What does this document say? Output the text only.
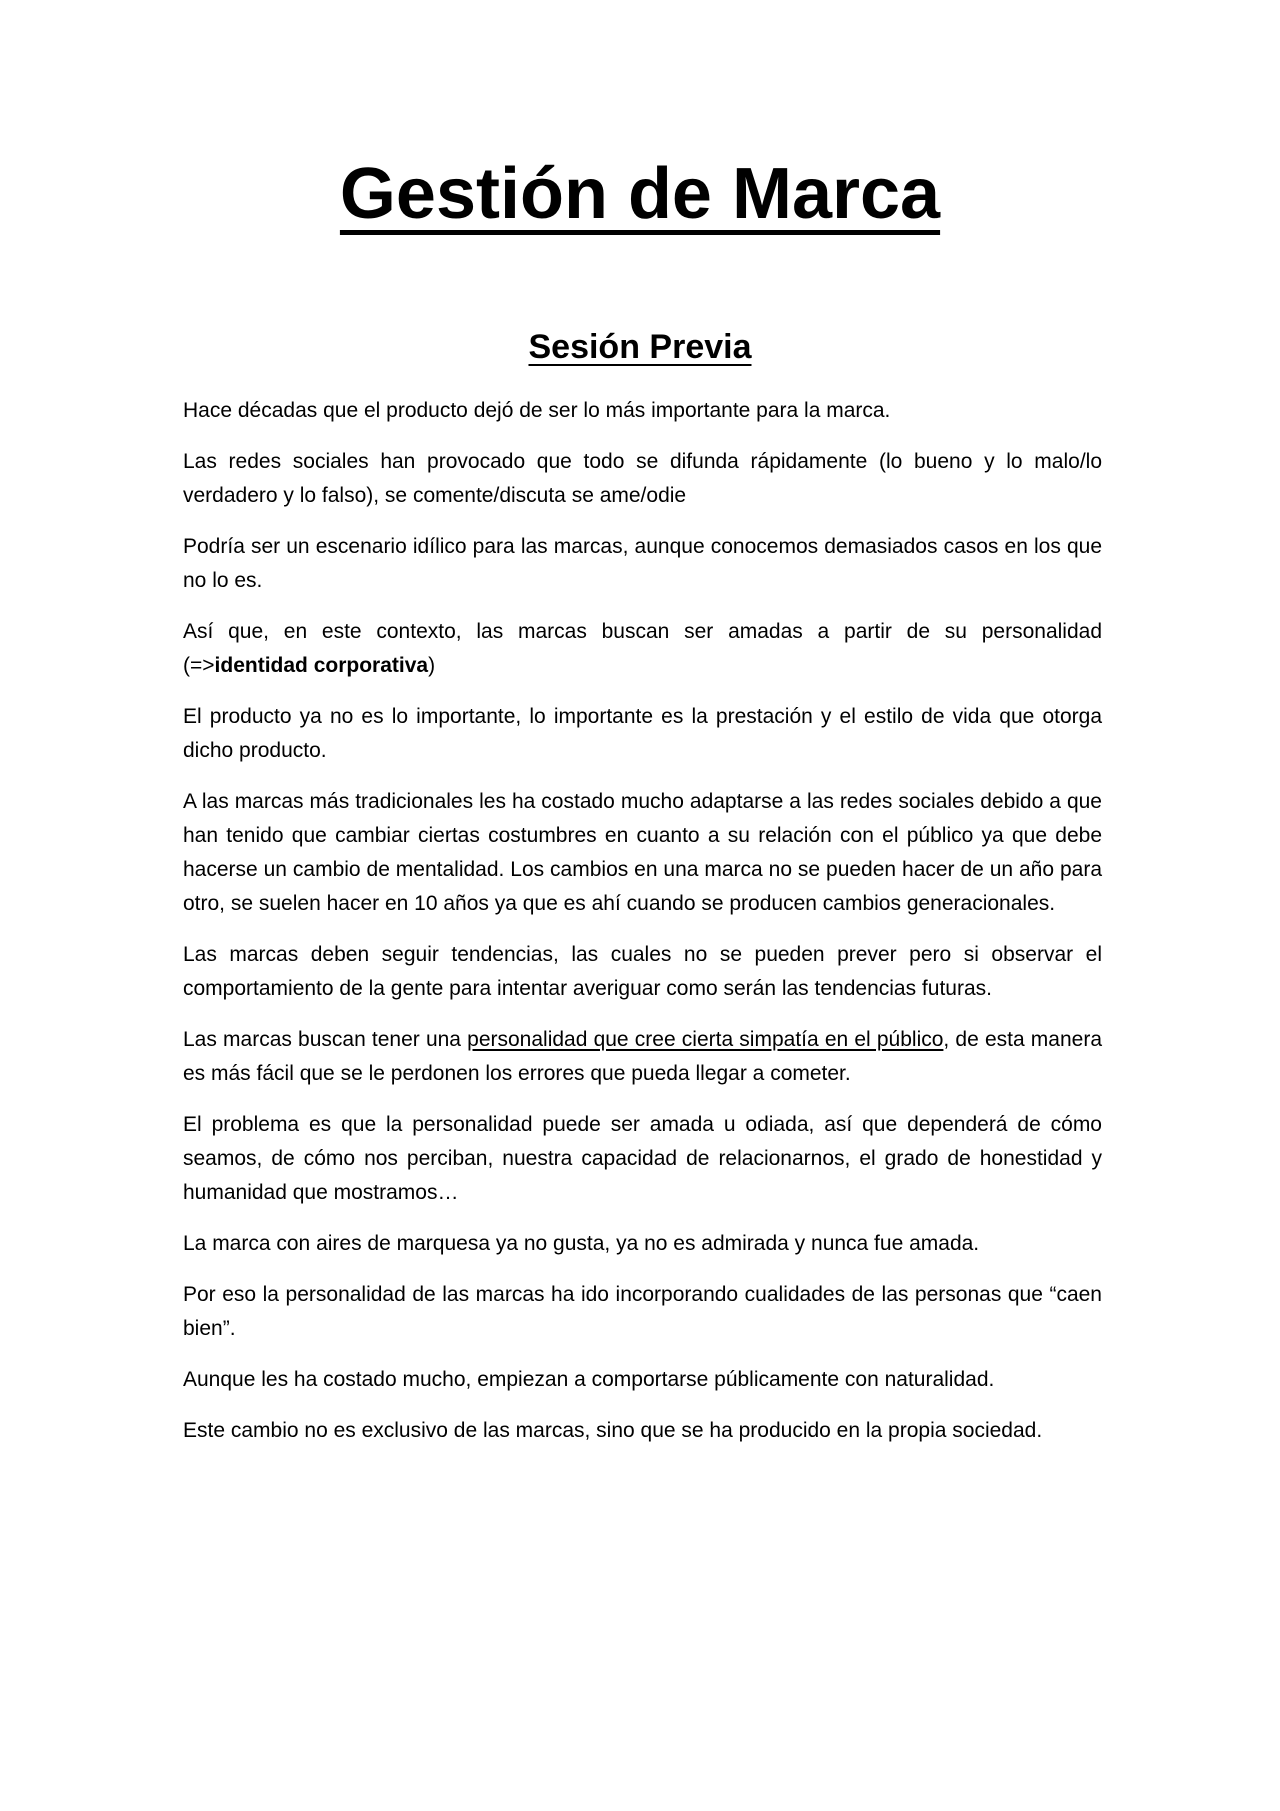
Gestión de Marca
Sesión Previa

Hace décadas que el producto dejó de ser lo más importante para la marca.

Las redes sociales han provocado que todo se difunda rápidamente (lo bueno y lo malo/lo verdadero y lo falso), se comente/discuta se ame/odie

Podría ser un escenario idílico para las marcas, aunque conocemos demasiados casos en los que no lo es.

Así que, en este contexto, las marcas buscan ser amadas a partir de su personalidad (=>identidad corporativa)

El producto ya no es lo importante, lo importante es la prestación y el estilo de vida que otorga dicho producto.

A las marcas más tradicionales les ha costado mucho adaptarse a las redes sociales debido a que han tenido que cambiar ciertas costumbres en cuanto a su relación con el público ya que debe hacerse un cambio de mentalidad. Los cambios en una marca no se pueden hacer de un año para otro, se suelen hacer en 10 años ya que es ahí cuando se producen cambios generacionales.

Las marcas deben seguir tendencias, las cuales no se pueden prever pero si observar el comportamiento de la gente para intentar averiguar como serán las tendencias futuras.

Las marcas buscan tener una personalidad que cree cierta simpatía en el público, de esta manera es más fácil que se le perdonen los errores que pueda llegar a cometer.

El problema es que la personalidad puede ser amada u odiada, así que dependerá de cómo seamos, de cómo nos perciban, nuestra capacidad de relacionarnos, el grado de honestidad y humanidad que mostramos…

La marca con aires de marquesa ya no gusta, ya no es admirada y nunca fue amada.

Por eso la personalidad de las marcas ha ido incorporando cualidades de las personas que “caen bien”.

Aunque les ha costado mucho, empiezan a comportarse públicamente con naturalidad.

Este cambio no es exclusivo de las marcas, sino que se ha producido en la propia sociedad.
